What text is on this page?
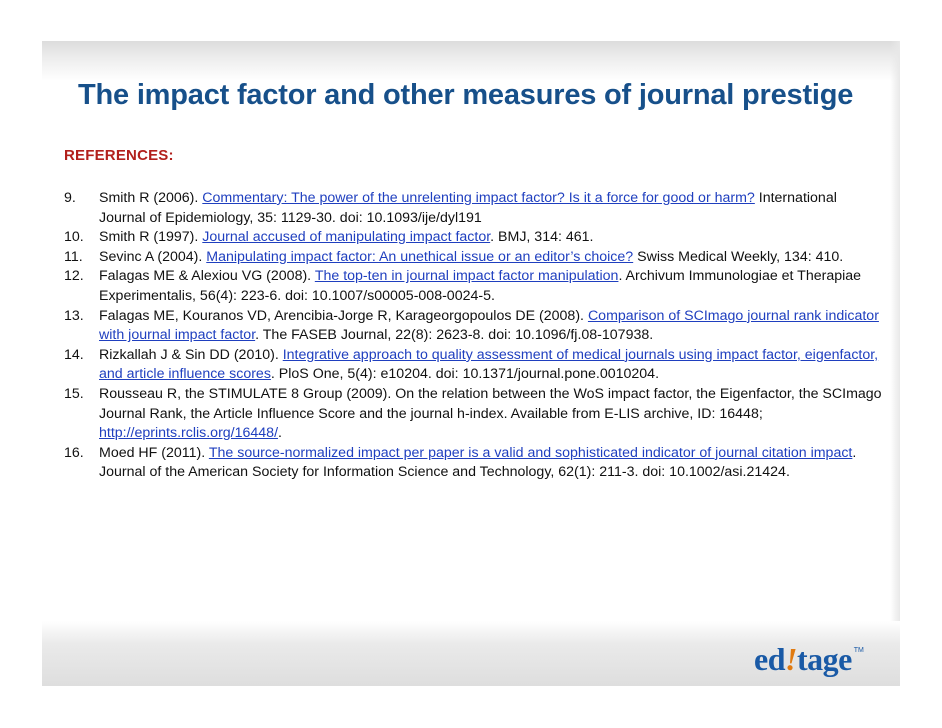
The impact factor and other measures of journal prestige
REFERENCES:
9. Smith R (2006). Commentary: The power of the unrelenting impact factor? Is it a force for good or harm? International Journal of Epidemiology, 35: 1129-30. doi: 10.1093/ije/dyl191
10. Smith R (1997). Journal accused of manipulating impact factor. BMJ, 314: 461.
11. Sevinc A (2004). Manipulating impact factor: An unethical issue or an editor’s choice? Swiss Medical Weekly, 134: 410.
12. Falagas ME & Alexiou VG (2008). The top-ten in journal impact factor manipulation. Archivum Immunologiae et Therapiae Experimentalis, 56(4): 223-6. doi: 10.1007/s00005-008-0024-5.
13. Falagas ME, Kouranos VD, Arencibia-Jorge R, Karageorgopoulos DE (2008). Comparison of SCImago journal rank indicator with journal impact factor. The FASEB Journal, 22(8): 2623-8. doi: 10.1096/fj.08-107938.
14. Rizkallah J & Sin DD (2010). Integrative approach to quality assessment of medical journals using impact factor, eigenfactor, and article influence scores. PloS One, 5(4): e10204. doi: 10.1371/journal.pone.0010204.
15. Rousseau R, the STIMULATE 8 Group (2009). On the relation between the WoS impact factor, the Eigenfactor, the SCImago Journal Rank, the Article Influence Score and the journal h-index. Available from E-LIS archive, ID: 16448; http://eprints.rclis.org/16448/.
16. Moed HF (2011). The source-normalized impact per paper is a valid and sophisticated indicator of journal citation impact. Journal of the American Society for Information Science and Technology, 62(1): 211-3. doi: 10.1002/asi.21424.
ed!tage TM
